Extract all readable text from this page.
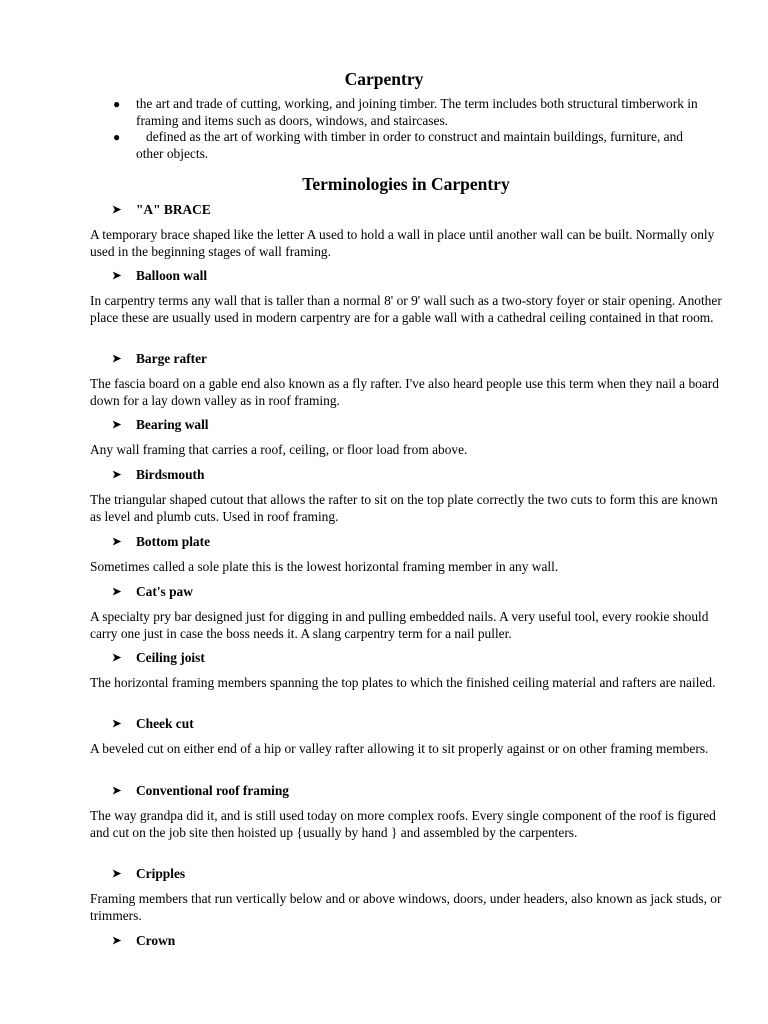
Carpentry
● the art and trade of cutting, working, and joining timber. The term includes both structural timberwork in framing and items such as doors, windows, and staircases.
●	defined as the art of working with timber in order to construct and maintain buildings, furniture, and other objects.
Terminologies in Carpentry
➤ "A" BRACE

A temporary brace shaped like the letter A used to hold a wall in place until another wall can be built. Normally only used in the beginning stages of wall framing.

➤ Balloon wall

In carpentry terms any wall that is taller than a normal 8' or 9' wall such as a two-story foyer or stair opening. Another place these are usually used in modern carpentry are for a gable wall with a cathedral ceiling contained in that room.

➤ Barge rafter

The fascia board on a gable end also known as a fly rafter. I've also heard people use this term when they nail a board down for a lay down valley as in roof framing.

➤ Bearing wall

Any wall framing that carries a roof, ceiling, or floor load from above.

➤ Birdsmouth

The triangular shaped cutout that allows the rafter to sit on the top plate correctly the two cuts to form this are known as level and plumb cuts. Used in roof framing.

➤ Bottom plate

Sometimes called a sole plate this is the lowest horizontal framing member in any wall.

➤ Cat's paw

A specialty pry bar designed just for digging in and pulling embedded nails. A very useful tool, every rookie should carry one just in case the boss needs it. A slang carpentry term for a nail puller.

➤ Ceiling joist

The horizontal framing members spanning the top plates to which the finished ceiling material and rafters are nailed.

➤ Cheek cut

A beveled cut on either end of a hip or valley rafter allowing it to sit properly against or on other framing members.

➤ Conventional roof framing

The way grandpa did it, and is still used today on more complex roofs. Every single component of the roof is figured and cut on the job site then hoisted up {usually by hand } and assembled by the carpenters.

➤ Cripples

Framing members that run vertically below and or above windows, doors, under headers, also known as jack studs, or trimmers.

➤ Crown
